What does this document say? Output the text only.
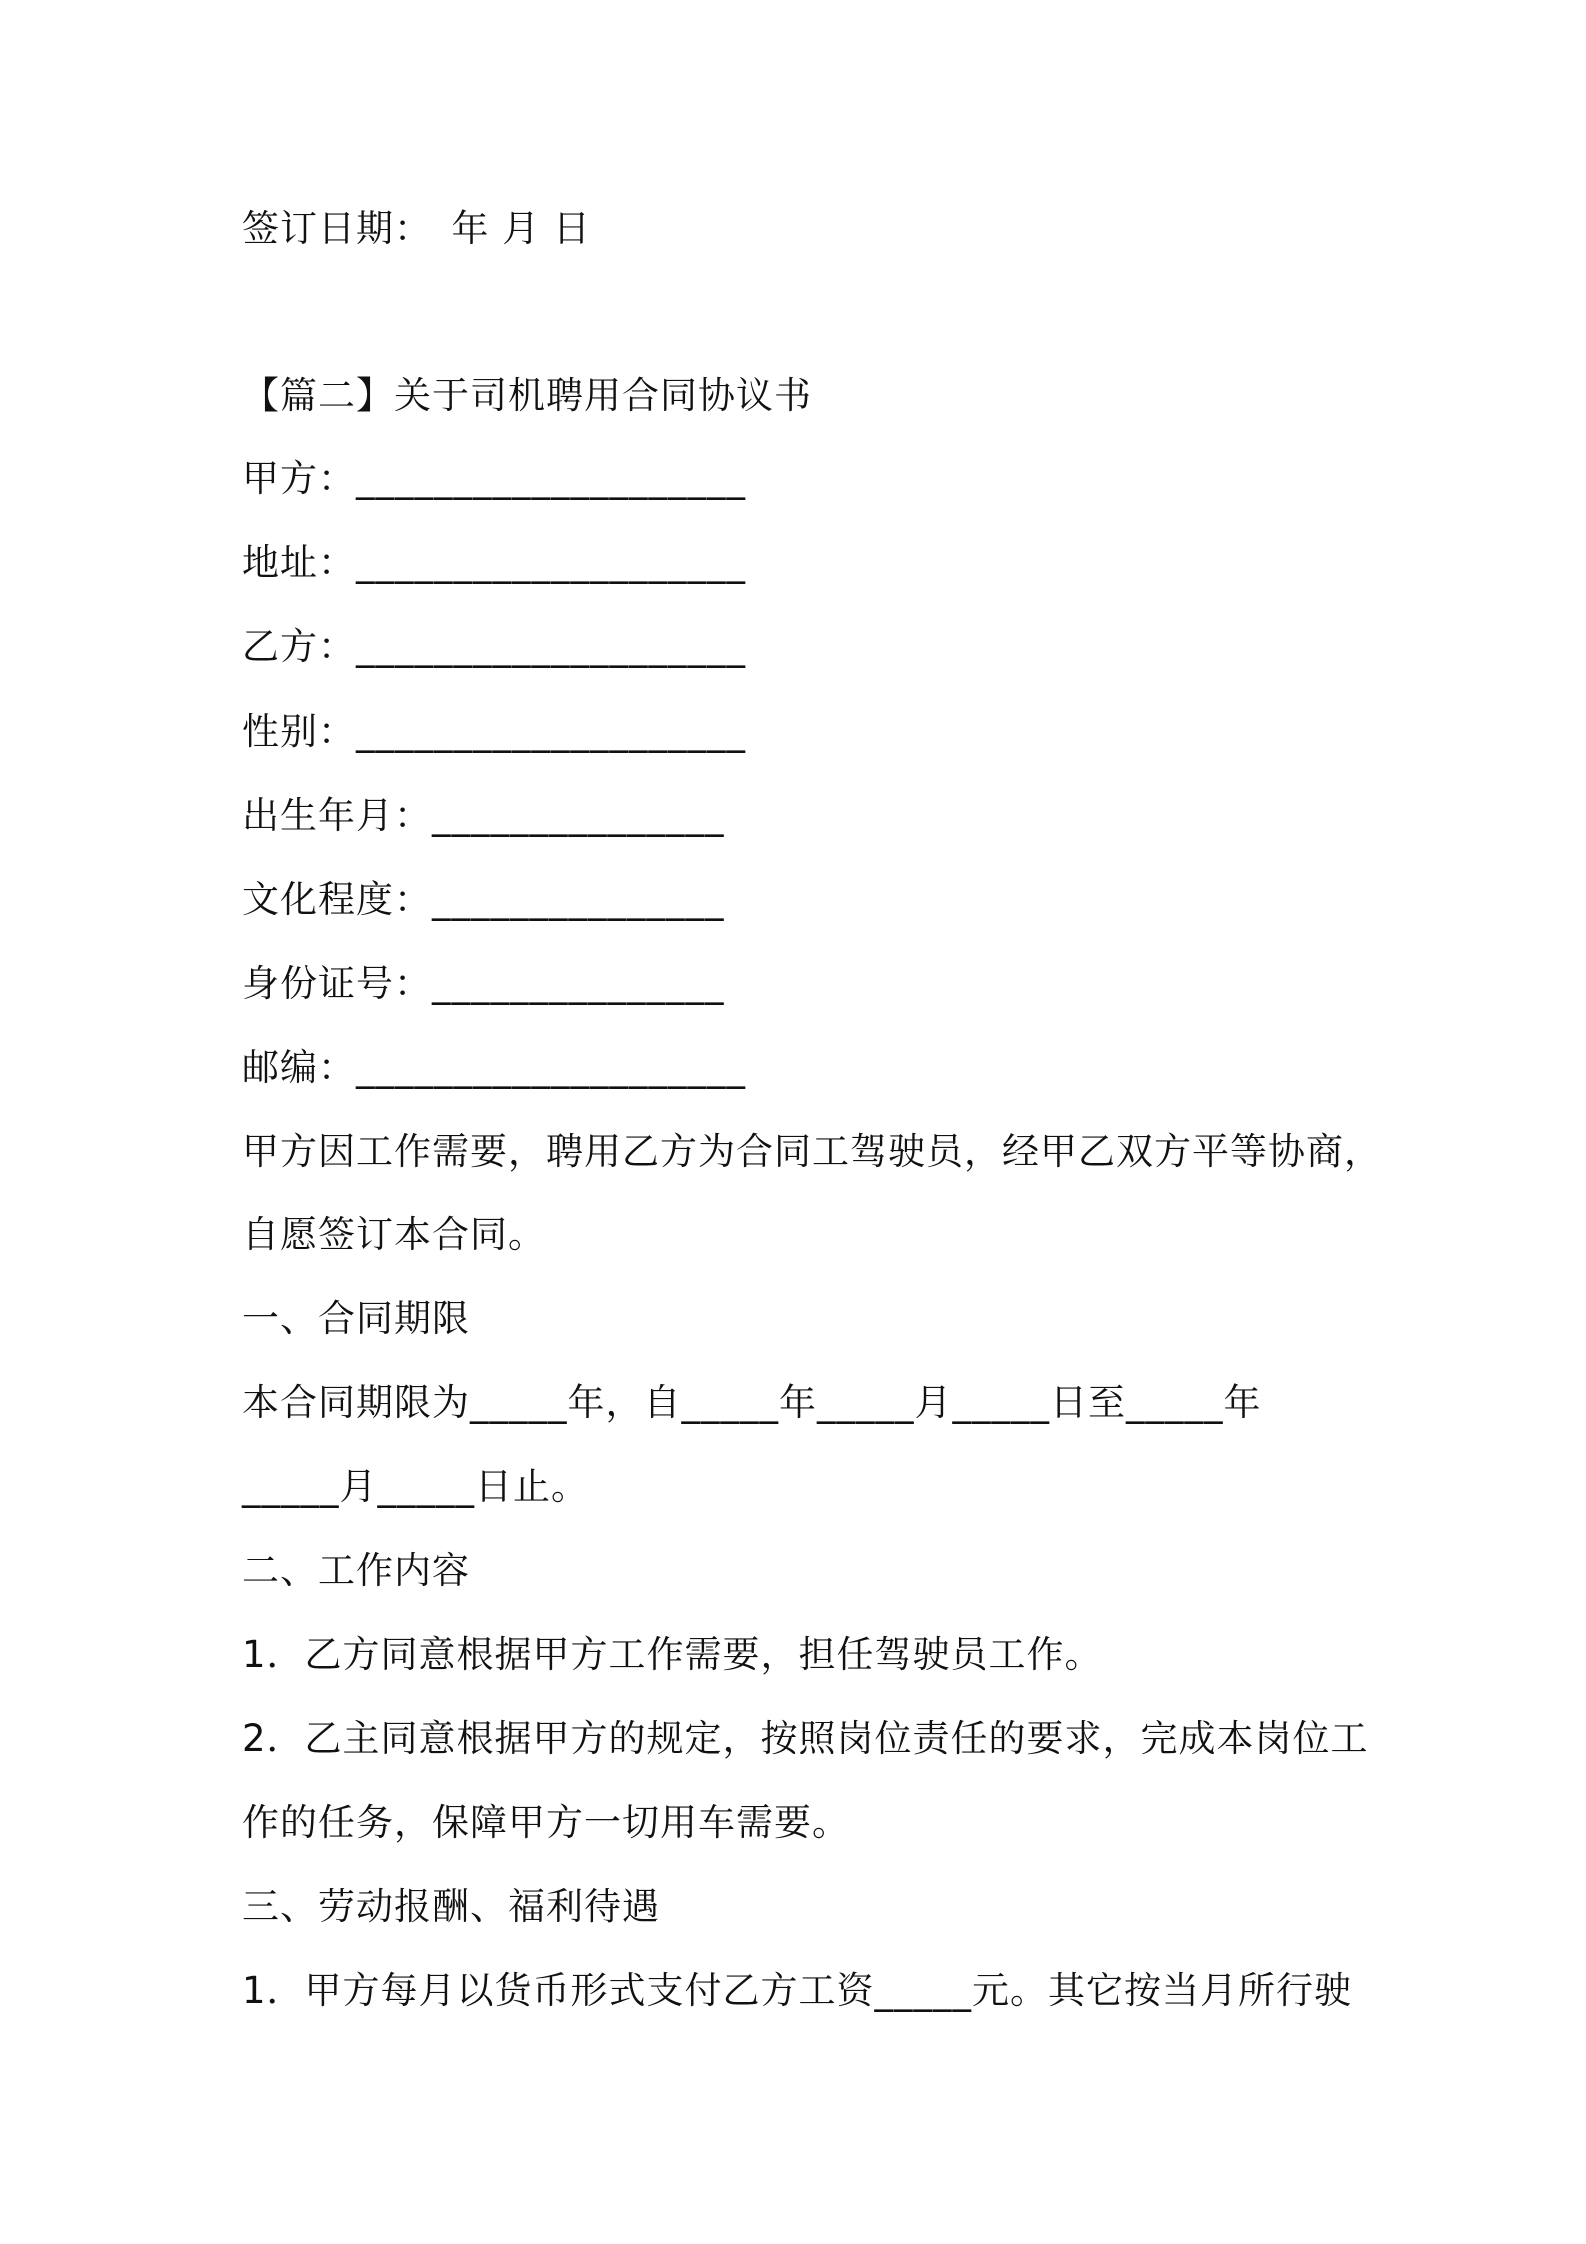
签订日期：　年 月 日
【篇二】关于司机聘用合同协议书
甲方：____________________
地址：____________________
乙方：____________________
性别：____________________
出生年月：_______________
文化程度：_______________
身份证号：_______________
邮编：____________________
甲方因工作需要，聘用乙方为合同工驾驶员，经甲乙双方平等协商，
自愿签订本合同。
一、合同期限
本合同期限为_____年，自_____年_____月_____日至_____年
_____月_____日止。
二、工作内容
1．乙方同意根据甲方工作需要，担任驾驶员工作。
2．乙主同意根据甲方的规定，按照岗位责任的要求，完成本岗位工
作的任务，保障甲方一切用车需要。
三、劳动报酬、福利待遇
1．甲方每月以货币形式支付乙方工资_____元。其它按当月所行驶
